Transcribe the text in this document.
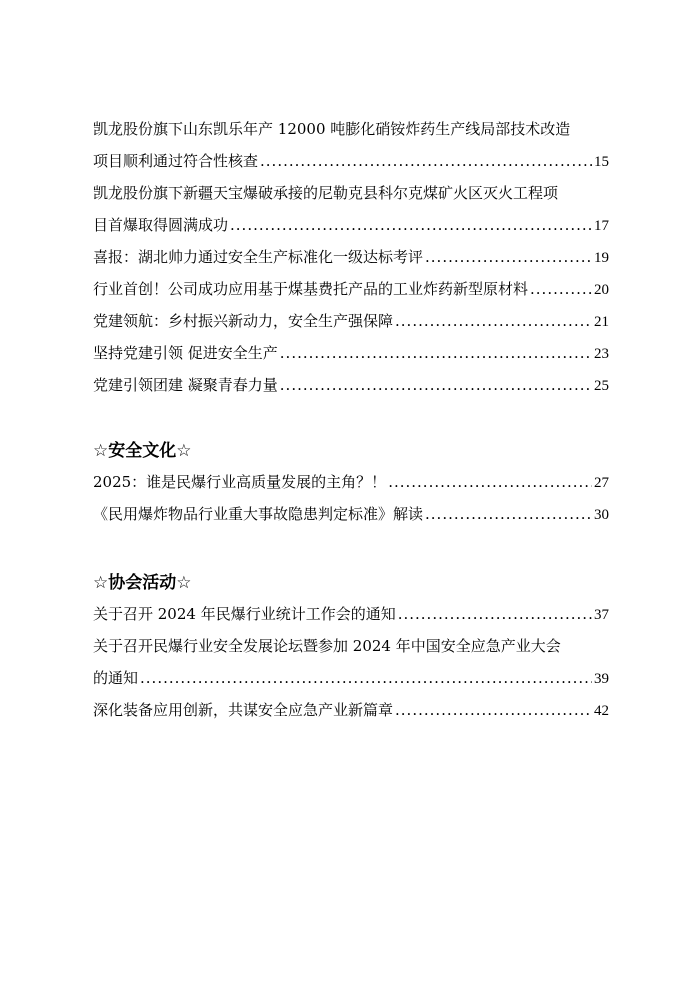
凯龙股份旗下山东凯乐年产 12000 吨膨化硝铵炸药生产线局部技术改造
项目顺利通过符合性核查 .....	15
凯龙股份旗下新疆天宝爆破承接的尼勒克县科尔克煤矿火区灭火工程项
目首爆取得圆满成功 .....	17
喜报：湖北帅力通过安全生产标准化一级达标考评 .....	19
行业首创！公司成功应用基于煤基费托产品的工业炸药新型原材料 .....	20
党建领航：乡村振兴新动力，安全生产强保障 .....	21
坚持党建引领 促进安全生产 .....	23
党建引领团建 凝聚青春力量 .....	25
☆安全文化☆
2025：谁是民爆行业高质量发展的主角？！ .....	27
《民用爆炸物品行业重大事故隐患判定标准》解读 .....	30
☆协会活动☆
关于召开 2024 年民爆行业统计工作会的通知 .....	37
关于召开民爆行业安全发展论坛暨参加 2024 年中国安全应急产业大会
的通知 .....	39
深化装备应用创新，共谋安全应急产业新篇章 .....	42
